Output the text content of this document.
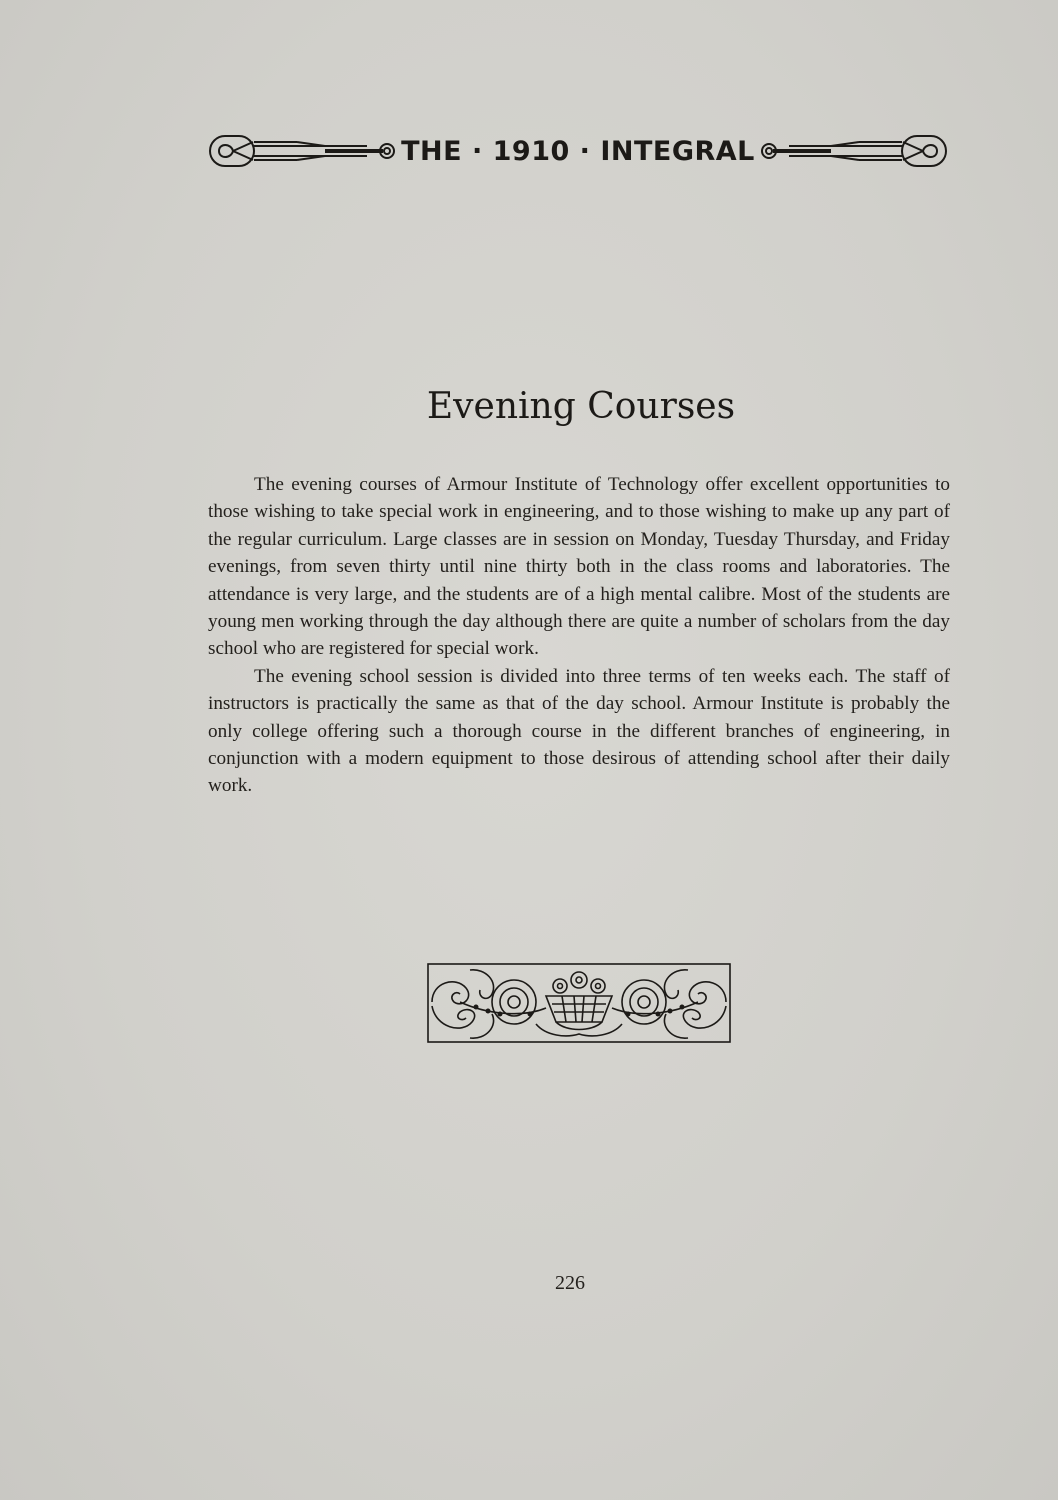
THE · 1910 · INTEGRAL
Evening Courses

The evening courses of Armour Institute of Technology offer excellent opportunities to those wishing to take special work in engineering, and to those wishing to make up any part of the regular curriculum. Large classes are in session on Monday, Tuesday Thursday, and Friday evenings, from seven thirty until nine thirty both in the class rooms and laboratories. The attendance is very large, and the students are of a high mental calibre. Most of the students are young men working through the day although there are quite a number of scholars from the day school who are registered for special work.

The evening school session is divided into three terms of ten weeks each. The staff of instructors is practically the same as that of the day school. Armour Institute is probably the only college offering such a thorough course in the different branches of engineering, in conjunction with a modern equipment to those desirous of attending school after their daily work.

226
